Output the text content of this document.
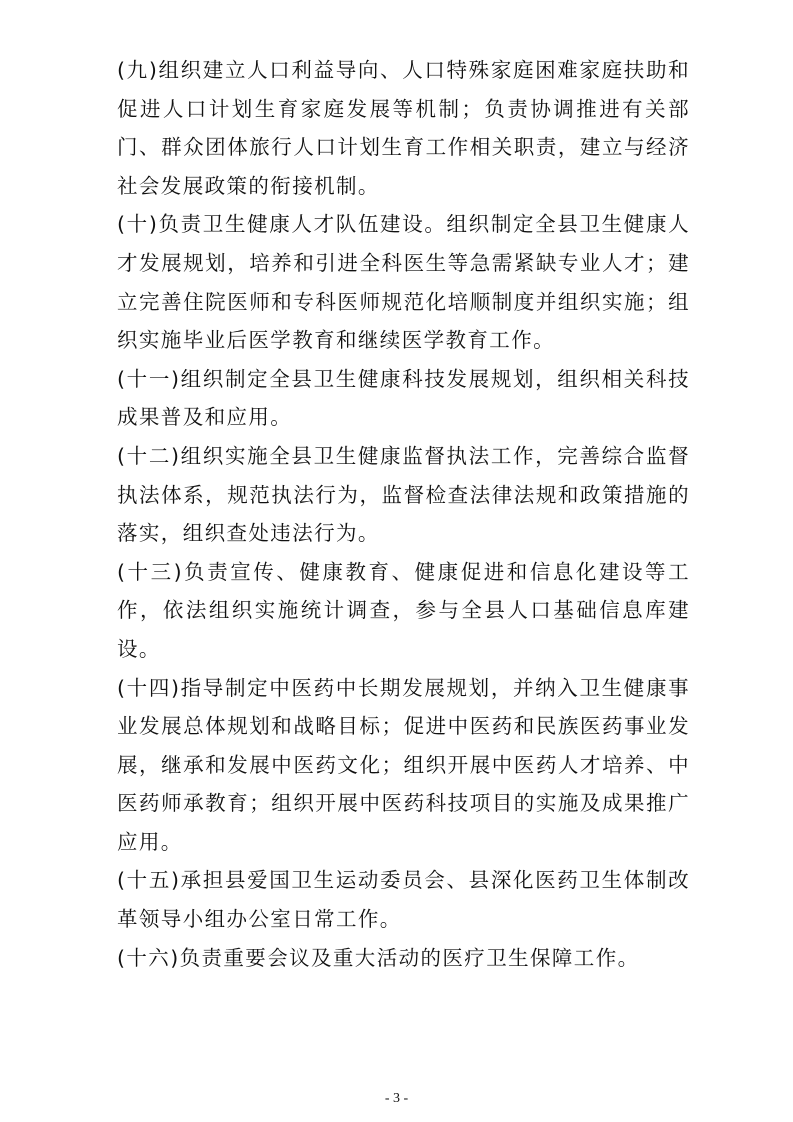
(九)组织建立人口利益导向、人口特殊家庭困难家庭扶助和促进人口计划生育家庭发展等机制；负责协调推进有关部门、群众团体旅行人口计划生育工作相关职责，建立与经济社会发展政策的衔接机制。

(十)负责卫生健康人才队伍建设。组织制定全县卫生健康人才发展规划，培养和引进全科医生等急需紧缺专业人才；建立完善住院医师和专科医师规范化培顺制度并组织实施；组织实施毕业后医学教育和继续医学教育工作。

(十一)组织制定全县卫生健康科技发展规划，组织相关科技成果普及和应用。

(十二)组织实施全县卫生健康监督执法工作，完善综合监督执法体系，规范执法行为，监督检查法律法规和政策措施的落实，组织查处违法行为。

(十三)负责宣传、健康教育、健康促进和信息化建设等工作，依法组织实施统计调查，参与全县人口基础信息库建设。

(十四)指导制定中医药中长期发展规划，并纳入卫生健康事业发展总体规划和战略目标；促进中医药和民族医药事业发展，继承和发展中医药文化；组织开展中医药人才培养、中医药师承教育；组织开展中医药科技项目的实施及成果推广应用。

(十五)承担县爱国卫生运动委员会、县深化医药卫生体制改革领导小组办公室日常工作。

(十六)负责重要会议及重大活动的医疗卫生保障工作。

- 3 -
